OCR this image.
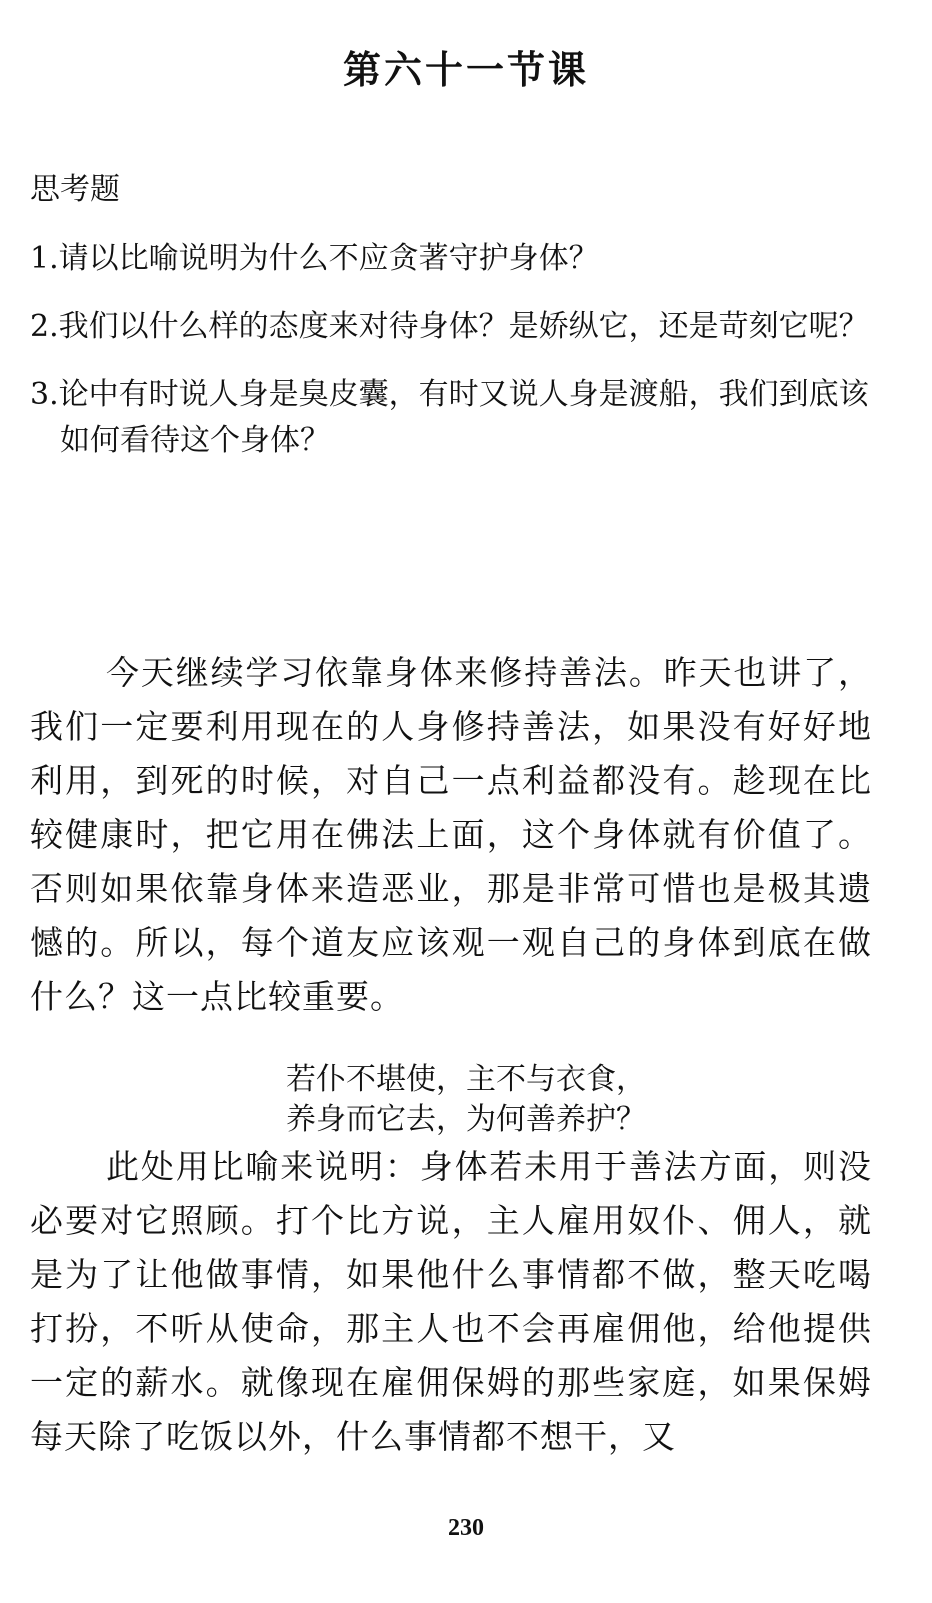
第六十一节课

思考题

1.请以比喻说明为什么不应贪著守护身体？

2.我们以什么样的态度来对待身体？是娇纵它，还是苛刻它呢？

3.论中有时说人身是臭皮囊，有时又说人身是渡船，我们到底该如何看待这个身体？

今天继续学习依靠身体来修持善法。昨天也讲了，我们一定要利用现在的人身修持善法，如果没有好好地利用，到死的时候，对自己一点利益都没有。趁现在比较健康时，把它用在佛法上面，这个身体就有价值了。否则如果依靠身体来造恶业，那是非常可惜也是极其遗憾的。所以，每个道友应该观一观自己的身体到底在做什么？这一点比较重要。

若仆不堪使，主不与衣食，
养身而它去，为何善养护？

此处用比喻来说明：身体若未用于善法方面，则没必要对它照顾。打个比方说，主人雇用奴仆、佣人，就是为了让他做事情，如果他什么事情都不做，整天吃喝打扮，不听从使命，那主人也不会再雇佣他，给他提供一定的薪水。就像现在雇佣保姆的那些家庭，如果保姆每天除了吃饭以外，什么事情都不想干，又

230
